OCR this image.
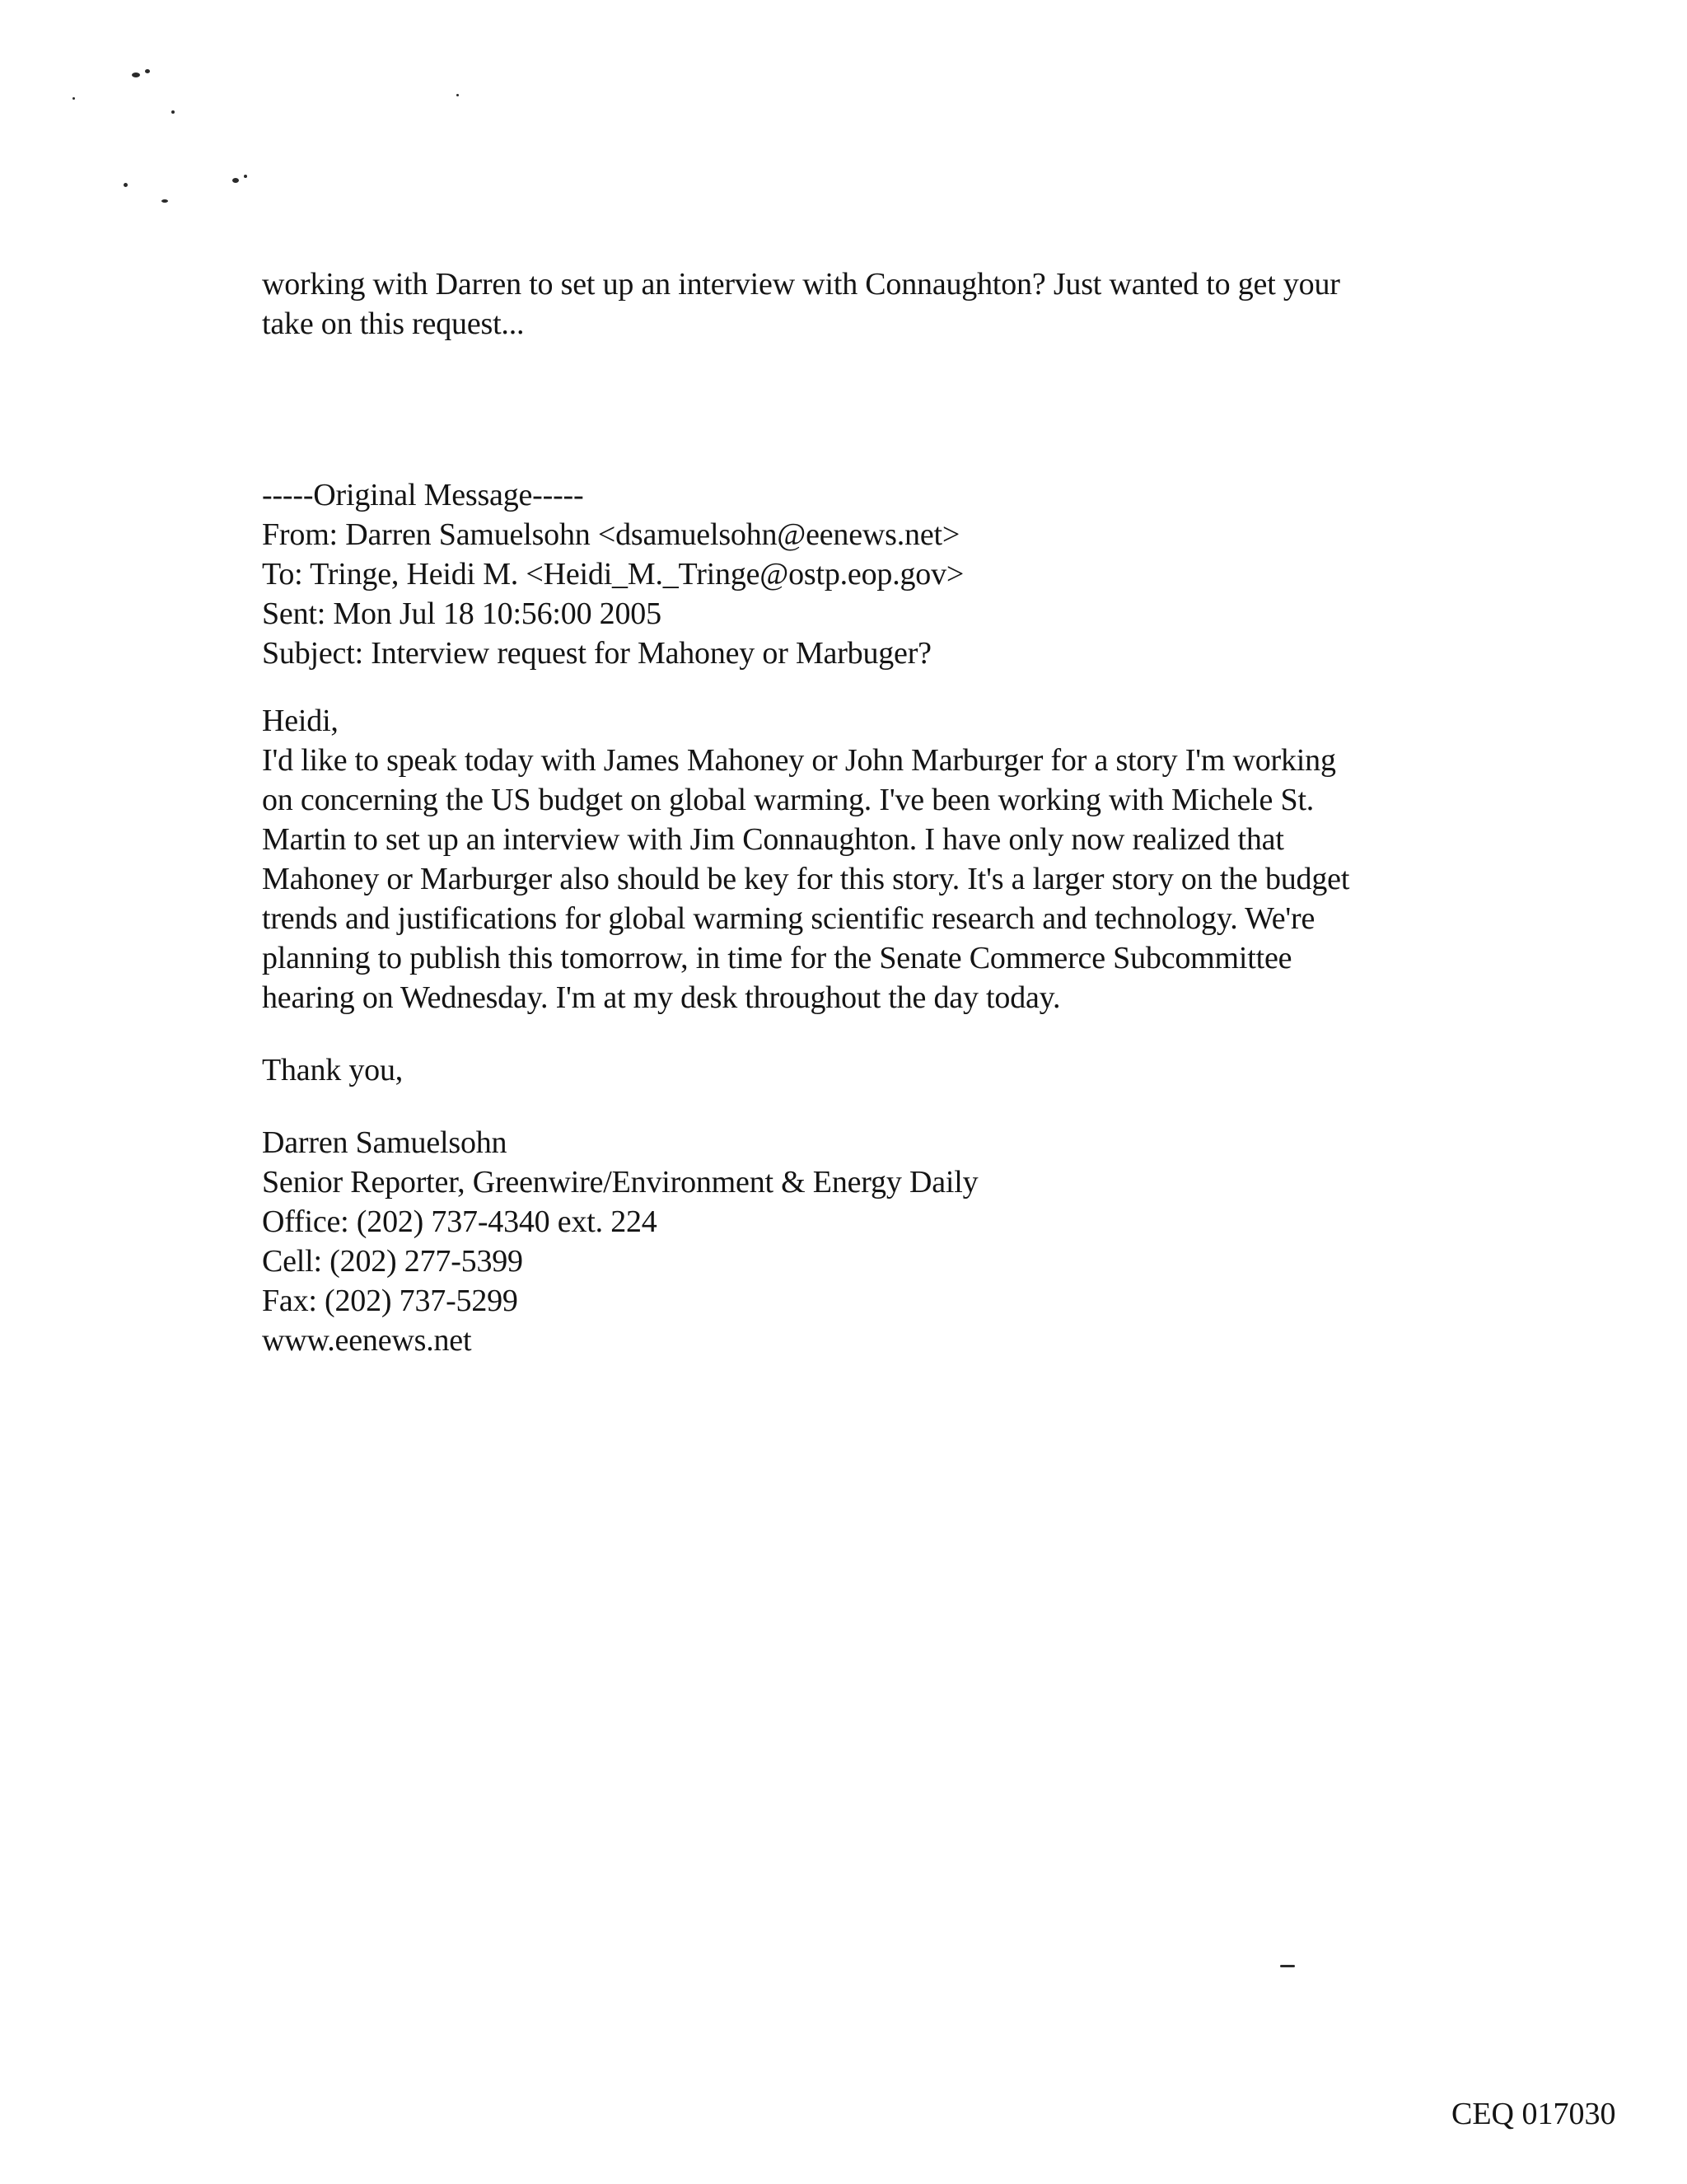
working with Darren to set up an interview with Connaughton? Just wanted to get your
take on this request...
-----Original Message-----
From: Darren Samuelsohn <dsamuelsohn@eenews.net>
To: Tringe, Heidi M. <Heidi_M._Tringe@ostp.eop.gov>
Sent: Mon Jul 18 10:56:00 2005
Subject: Interview request for Mahoney or Marbuger?
Heidi,
I'd like to speak today with James Mahoney or John Marburger for a story I'm working
on concerning the US budget on global warming. I've been working with Michele St.
Martin to set up an interview with Jim Connaughton. I have only now realized that
Mahoney or Marburger also should be key for this story. It's a larger story on the budget
trends and justifications for global warming scientific research and technology. We're
planning to publish this tomorrow, in time for the Senate Commerce Subcommittee
hearing on Wednesday. I'm at my desk throughout the day today.
Thank you,
Darren Samuelsohn
Senior Reporter, Greenwire/Environment & Energy Daily
Office: (202) 737-4340 ext. 224
Cell: (202) 277-5399
Fax: (202) 737-5299
www.eenews.net
CEQ 017030
